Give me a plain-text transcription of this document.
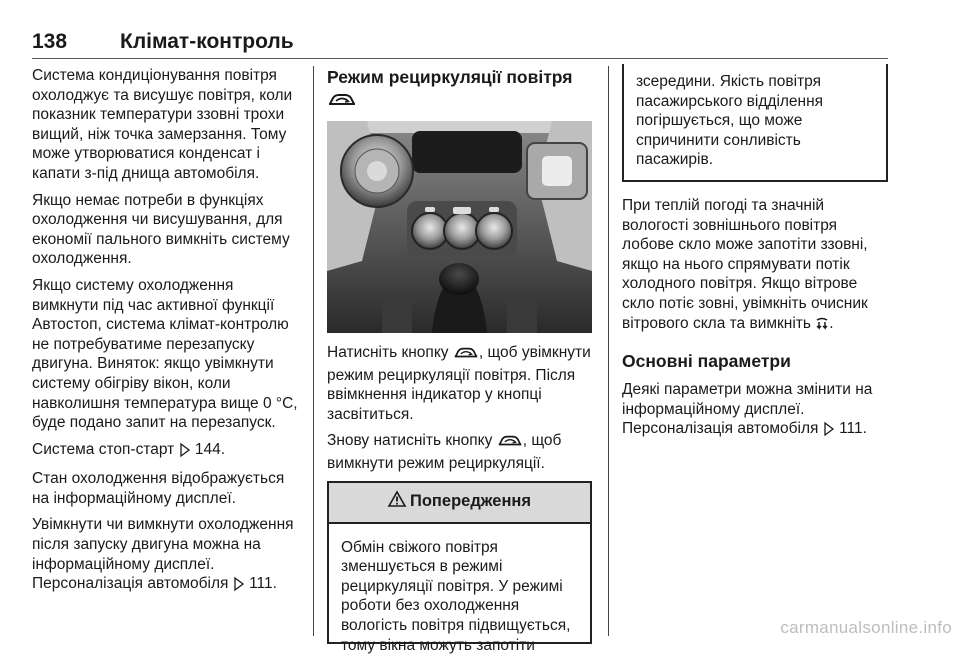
138	Клімат-контроль

Система кондиціонування повітря охолоджує та висушує повітря, коли показник температури ззовні трохи вищий, ніж точка замерзання. Тому може утворюватися конденсат і капати з-під днища автомобіля.

Якщо немає потреби в функціях охолодження чи висушування, для економії пального вимкніть систему охолодження.

Якщо систему охолодження вимкнути під час активної функції Автостоп, система клімат-контролю не потребуватиме перезапуску двигуна. Виняток: якщо увімкнути систему обігріву вікон, коли навколишня температура вище 0 °C, буде подано запит на перезапуск.

Система стоп-старт 144.

Стан охолодження відображується на інформаційному дисплеї.

Увімкнути чи вимкнути охолодження після запуску двигуна можна на інформаційному дисплеї. Персоналізація автомобіля 111.

Режим рециркуляції повітря

Натисніть кнопку , щоб увімкнути режим рециркуляції повітря. Після ввімкнення індикатор у кнопці засвітиться.

Знову натисніть кнопку , щоб вимкнути режим рециркуляції.

Попередження
Обмін свіжого повітря зменшується в режимі рециркуляції повітря. У режимі роботи без охолодження вологість повітря підвищується, тому вікна можуть запотіти
зсередини. Якість повітря пасажирського відділення погіршується, що може спричинити сонливість пасажирів.

При теплій погоді та значній вологості зовнішнього повітря лобове скло може запотіти ззовні, якщо на нього спрямувати потік холодного повітря. Якщо вітрове скло потіє зовні, увімкніть очисник вітрового скла та вимкніть .

Основні параметри

Деякі параметри можна змінити на інформаційному дисплеї.

Персоналізація автомобіля 111.

carmanualsonline.info
